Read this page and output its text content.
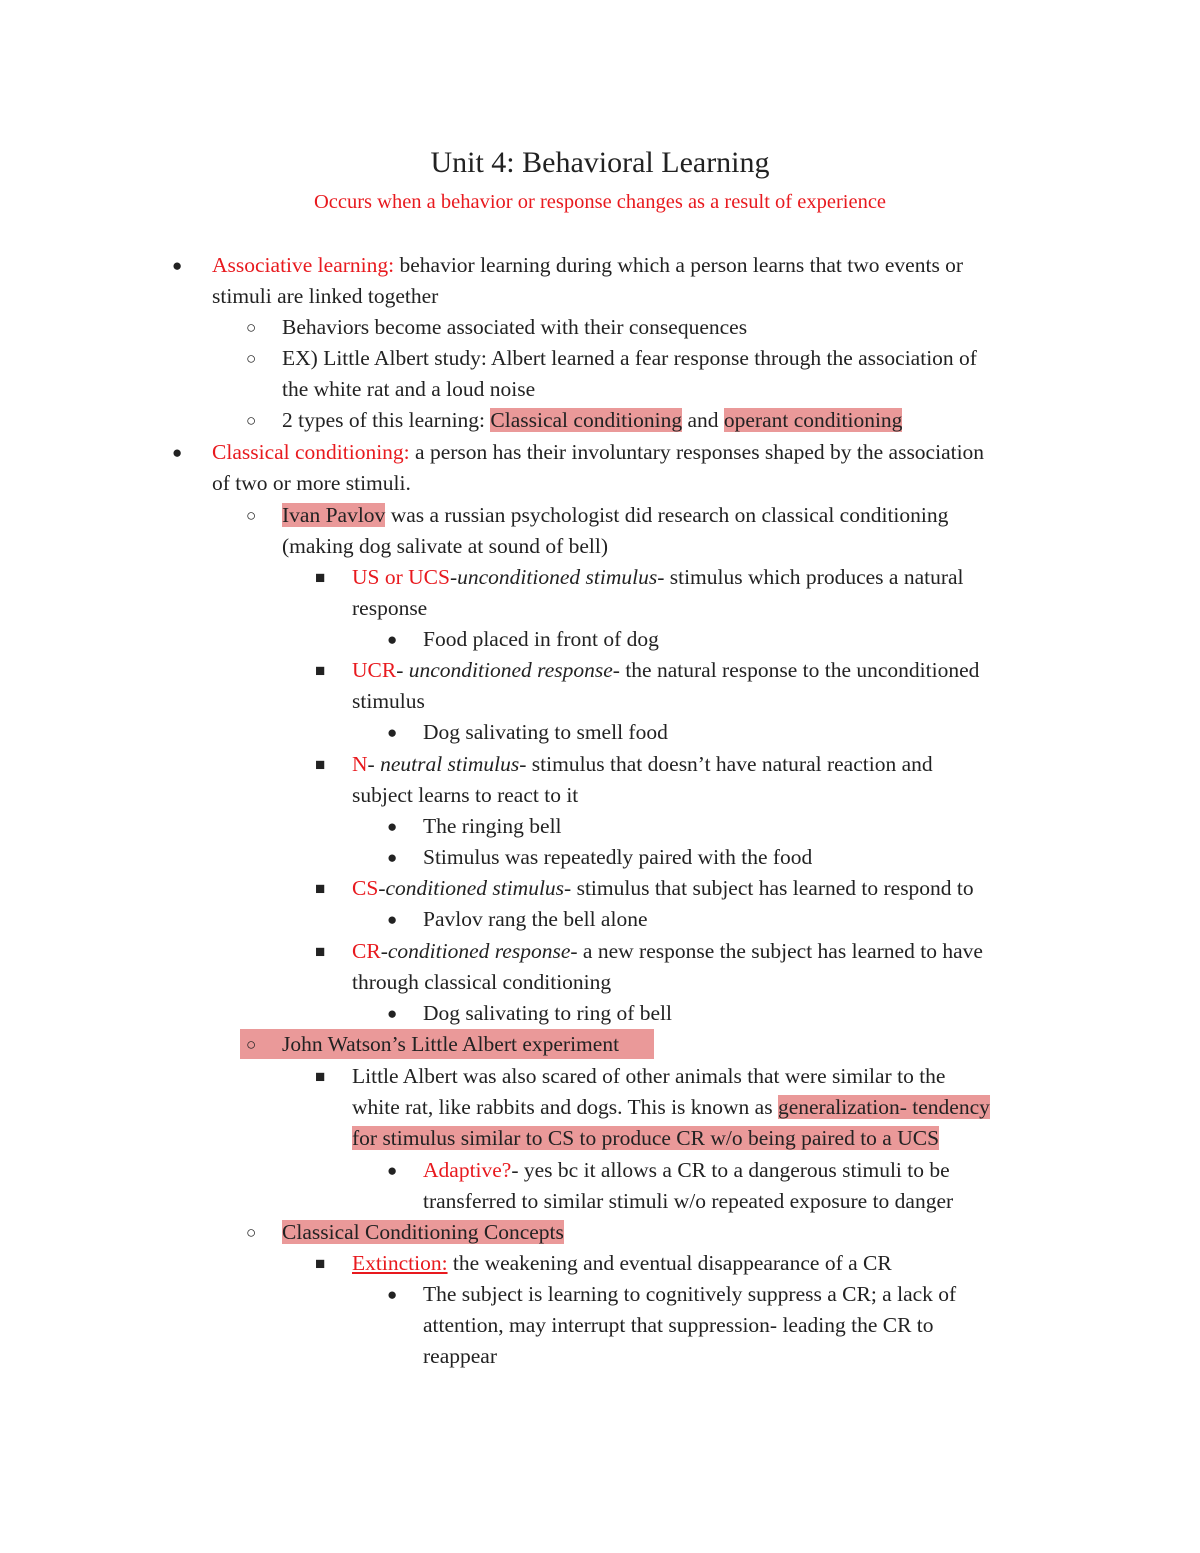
Unit 4: Behavioral Learning
Occurs when a behavior or response changes as a result of experience
● Associative learning: behavior learning during which a person learns that two events or
stimuli are linked together
○ Behaviors become associated with their consequences
○ EX) Little Albert study: Albert learned a fear response through the association of
the white rat and a loud noise
○ 2 types of this learning: Classical conditioning and operant conditioning
● Classical conditioning: a person has their involuntary responses shaped by the association
of two or more stimuli.
○ Ivan Pavlov was a russian psychologist did research on classical conditioning
(making dog salivate at sound of bell)
■ US or UCS-unconditioned stimulus- stimulus which produces a natural
response
● Food placed in front of dog
■ UCR- unconditioned response- the natural response to the unconditioned
stimulus
● Dog salivating to smell food
■ N- neutral stimulus- stimulus that doesn’t have natural reaction and
subject learns to react to it
● The ringing bell
● Stimulus was repeatedly paired with the food
■ CS-conditioned stimulus- stimulus that subject has learned to respond to
● Pavlov rang the bell alone
■ CR-conditioned response- a new response the subject has learned to have
through classical conditioning
● Dog salivating to ring of bell
○ John Watson’s Little Albert experiment
■ Little Albert was also scared of other animals that were similar to the
white rat, like rabbits and dogs. This is known as generalization- tendency
for stimulus similar to CS to produce CR w/o being paired to a UCS
● Adaptive?- yes bc it allows a CR to a dangerous stimuli to be
transferred to similar stimuli w/o repeated exposure to danger
○ Classical Conditioning Concepts
■ Extinction: the weakening and eventual disappearance of a CR
● The subject is learning to cognitively suppress a CR; a lack of
attention, may interrupt that suppression- leading the CR to
reappear
